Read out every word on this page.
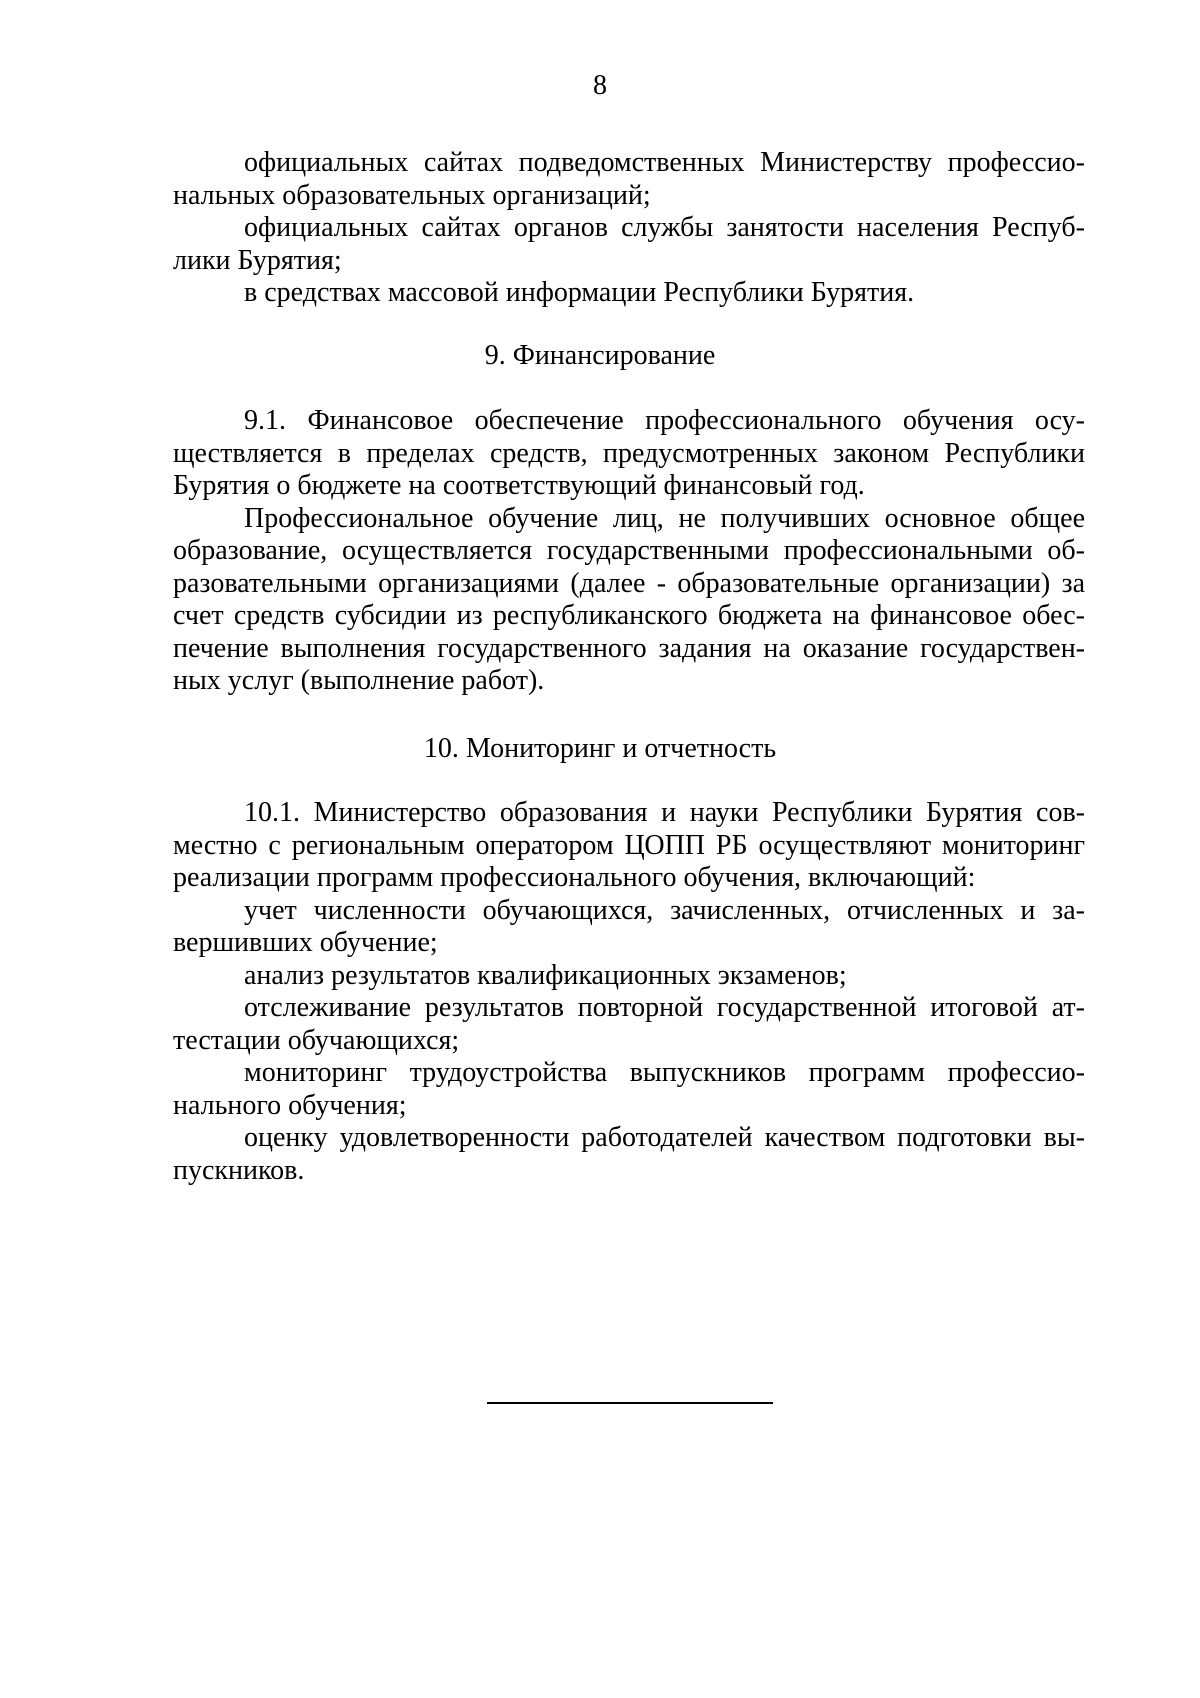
8
официальных сайтах подведомственных Министерству профессио-
нальных образовательных организаций;
официальных сайтах органов службы занятости населения Респуб-
лики Бурятия;
в средствах массовой информации Республики Бурятия.
9. Финансирование
9.1. Финансовое обеспечение профессионального обучения осу-
ществляется в пределах средств, предусмотренных законом Республики
Бурятия о бюджете на соответствующий финансовый год.
Профессиональное обучение лиц, не получивших основное общее
образование, осуществляется государственными профессиональными об-
разовательными организациями (далее - образовательные организации) за
счет средств субсидии из республиканского бюджета на финансовое обес-
печение выполнения государственного задания на оказание государствен-
ных услуг (выполнение работ).
10. Мониторинг и отчетность
10.1. Министерство образования и науки Республики Бурятия сов-
местно с региональным оператором ЦОПП РБ осуществляют мониторинг
реализации программ профессионального обучения, включающий:
учет численности обучающихся, зачисленных, отчисленных и за-
вершивших обучение;
анализ результатов квалификационных экзаменов;
отслеживание результатов повторной государственной итоговой ат-
тестации обучающихся;
мониторинг трудоустройства выпускников программ профессио-
нального обучения;
оценку удовлетворенности работодателей качеством подготовки вы-
пускников.
